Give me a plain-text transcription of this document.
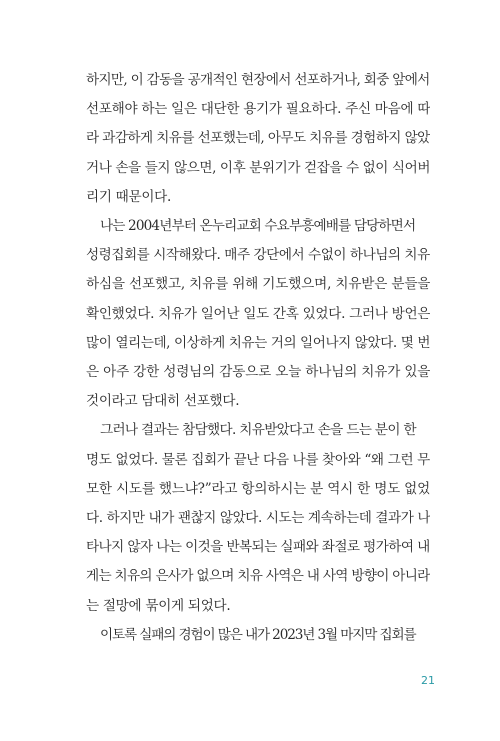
하지만, 이 감동을 공개적인 현장에서 선포하거나, 회중 앞에서
선포해야 하는 일은 대단한 용기가 필요하다. 주신 마음에 따
라 과감하게 치유를 선포했는데, 아무도 치유를 경험하지 않았
거나 손을 들지 않으면, 이후 분위기가 걷잡을 수 없이 식어버
리기 때문이다.

나는 2004년부터 온누리교회 수요부흥예배를 담당하면서
성령집회를 시작해왔다. 매주 강단에서 수없이 하나님의 치유
하심을 선포했고, 치유를 위해 기도했으며, 치유받은 분들을
확인했었다. 치유가 일어난 일도 간혹 있었다. 그러나 방언은
많이 열리는데, 이상하게 치유는 거의 일어나지 않았다. 몇 번
은 아주 강한 성령님의 감동으로 오늘 하나님의 치유가 있을
것이라고 담대히 선포했다.

그러나 결과는 참담했다. 치유받았다고 손을 드는 분이 한
명도 없었다. 물론 집회가 끝난 다음 나를 찾아와 “왜 그런 무
모한 시도를 했느냐?”라고 항의하시는 분 역시 한 명도 없었
다. 하지만 내가 괜찮지 않았다. 시도는 계속하는데 결과가 나
타나지 않자 나는 이것을 반복되는 실패와 좌절로 평가하여 내
게는 치유의 은사가 없으며 치유 사역은 내 사역 방향이 아니라
는 절망에 묶이게 되었다.

이토록 실패의 경험이 많은 내가 2023년 3월 마지막 집회를

21
